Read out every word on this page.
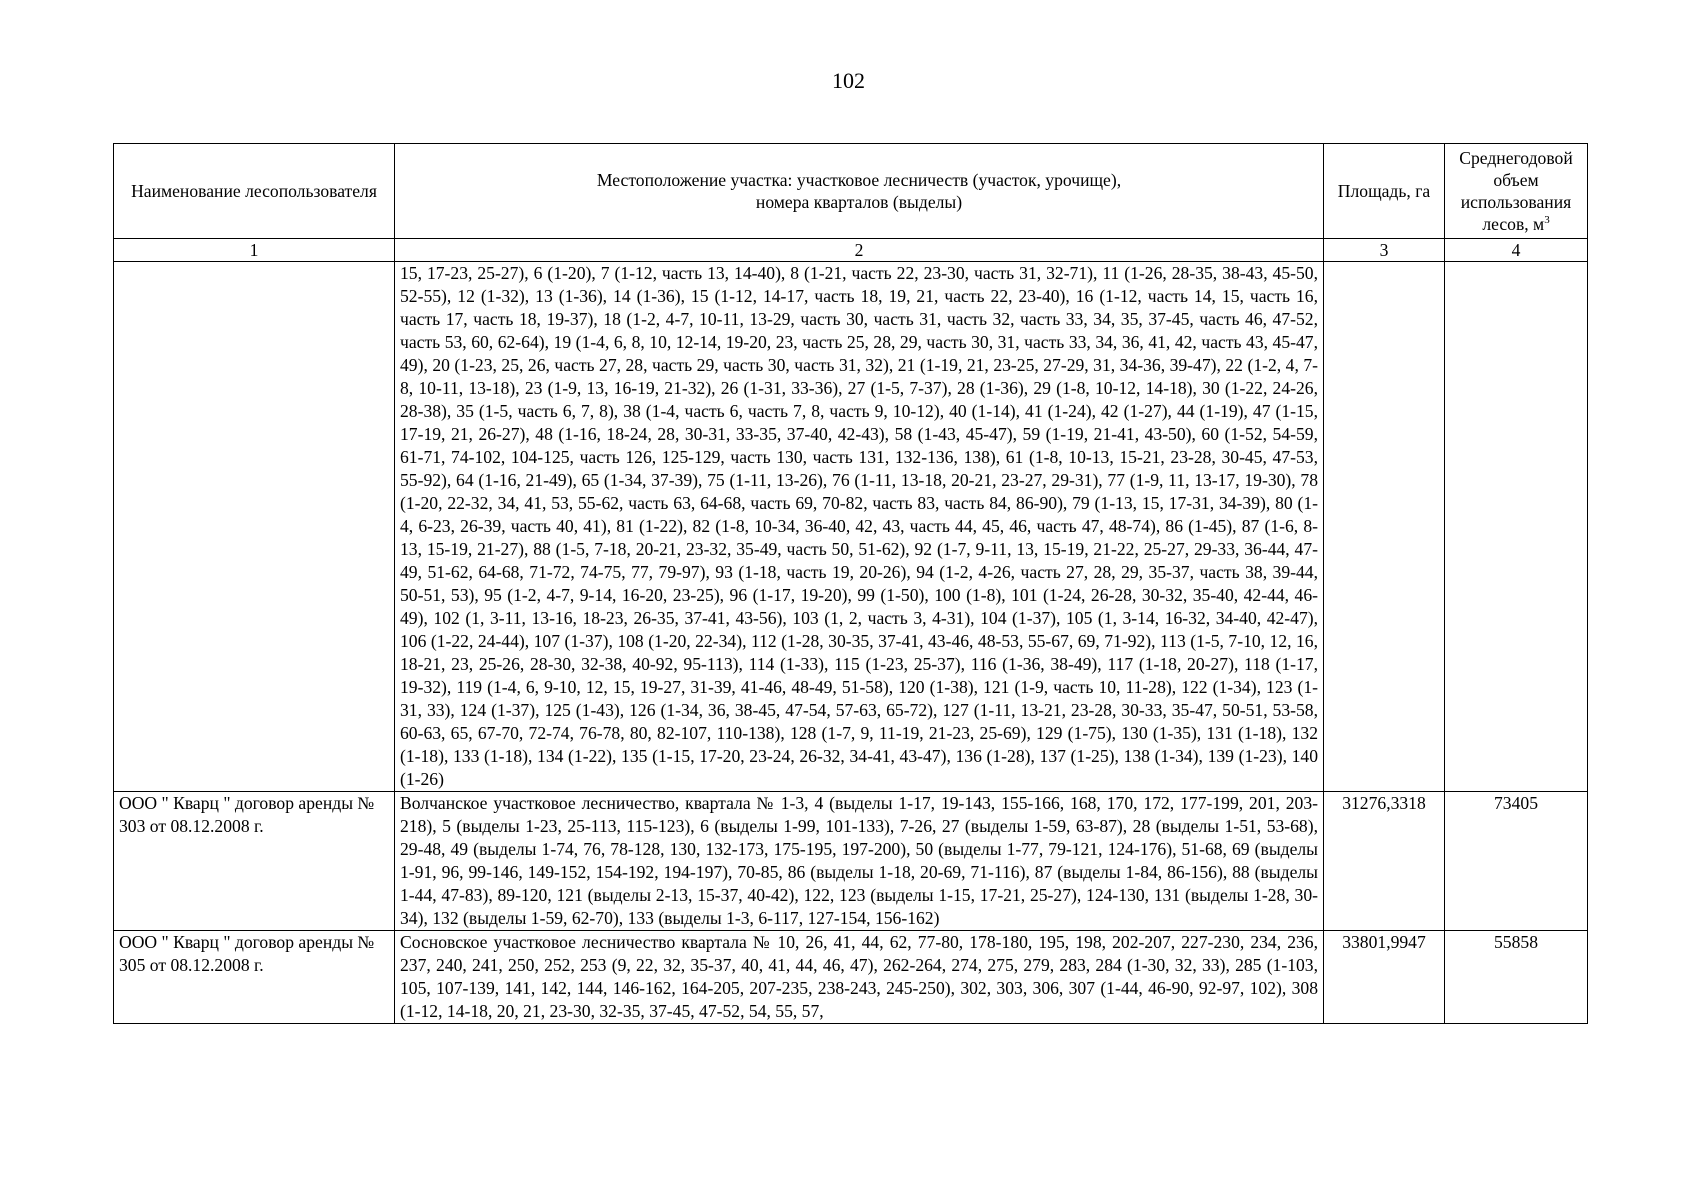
102
Наименование лесопользователя	Местоположение участка: участковое лесничеств (участок, урочище),
номера кварталов (выделы)	Площадь, га	Среднегодовой объем использования лесов, $м^3$
1	2	3	4
	15, 17-23, 25-27), 6 (1-20), 7 (1-12, часть 13, 14-40), 8 (1-21, часть 22, 23-30, часть 31, 32-71), 11 (1-26, 28-35, 38-43, 45-50, 52-55), 12 (1-32), 13 (1-36), 14 (1-36), 15 (1-12, 14-17, часть 18, 19, 21, часть 22, 23-40), 16 (1-12, часть 14, 15, часть 16, часть 17, часть 18, 19-37), 18 (1-2, 4-7, 10-11, 13-29, часть 30, часть 31, часть 32, часть 33, 34, 35, 37-45, часть 46, 47-52, часть 53, 60, 62-64), 19 (1-4, 6, 8, 10, 12-14, 19-20, 23, часть 25, 28, 29, часть 30, 31, часть 33, 34, 36, 41, 42, часть 43, 45-47, 49), 20 (1-23, 25, 26, часть 27, 28, часть 29, часть 30, часть 31, 32), 21 (1-19, 21, 23-25, 27-29, 31, 34-36, 39-47), 22 (1-2, 4, 7-8, 10-11, 13-18), 23 (1-9, 13, 16-19, 21-32), 26 (1-31, 33-36), 27 (1-5, 7-37), 28 (1-36), 29 (1-8, 10-12, 14-18), 30 (1-22, 24-26, 28-38), 35 (1-5, часть 6, 7, 8), 38 (1-4, часть 6, часть 7, 8, часть 9, 10-12), 40 (1-14), 41 (1-24), 42 (1-27), 44 (1-19), 47 (1-15, 17-19, 21, 26-27), 48 (1-16, 18-24, 28, 30-31, 33-35, 37-40, 42-43), 58 (1-43, 45-47), 59 (1-19, 21-41, 43-50), 60 (1-52, 54-59, 61-71, 74-102, 104-125, часть 126, 125-129, часть 130, часть 131, 132-136, 138), 61 (1-8, 10-13, 15-21, 23-28, 30-45, 47-53, 55-92), 64 (1-16, 21-49), 65 (1-34, 37-39), 75 (1-11, 13-26), 76 (1-11, 13-18, 20-21, 23-27, 29-31), 77 (1-9, 11, 13-17, 19-30), 78 (1-20, 22-32, 34, 41, 53, 55-62, часть 63, 64-68, часть 69, 70-82, часть 83, часть 84, 86-90), 79 (1-13, 15, 17-31, 34-39), 80 (1-4, 6-23, 26-39, часть 40, 41), 81 (1-22), 82 (1-8, 10-34, 36-40, 42, 43, часть 44, 45, 46, часть 47, 48-74), 86 (1-45), 87 (1-6, 8-13, 15-19, 21-27), 88 (1-5, 7-18, 20-21, 23-32, 35-49, часть 50, 51-62), 92 (1-7, 9-11, 13, 15-19, 21-22, 25-27, 29-33, 36-44, 47-49, 51-62, 64-68, 71-72, 74-75, 77, 79-97), 93 (1-18, часть 19, 20-26), 94 (1-2, 4-26, часть 27, 28, 29, 35-37, часть 38, 39-44, 50-51, 53), 95 (1-2, 4-7, 9-14, 16-20, 23-25), 96 (1-17, 19-20), 99 (1-50), 100 (1-8), 101 (1-24, 26-28, 30-32, 35-40, 42-44, 46-49), 102 (1, 3-11, 13-16, 18-23, 26-35, 37-41, 43-56), 103 (1, 2, часть 3, 4-31), 104 (1-37), 105 (1, 3-14, 16-32, 34-40, 42-47), 106 (1-22, 24-44), 107 (1-37), 108 (1-20, 22-34), 112 (1-28, 30-35, 37-41, 43-46, 48-53, 55-67, 69, 71-92), 113 (1-5, 7-10, 12, 16, 18-21, 23, 25-26, 28-30, 32-38, 40-92, 95-113), 114 (1-33), 115 (1-23, 25-37), 116 (1-36, 38-49), 117 (1-18, 20-27), 118 (1-17, 19-32), 119 (1-4, 6, 9-10, 12, 15, 19-27, 31-39, 41-46, 48-49, 51-58), 120 (1-38), 121 (1-9, часть 10, 11-28), 122 (1-34), 123 (1-31, 33), 124 (1-37), 125 (1-43), 126 (1-34, 36, 38-45, 47-54, 57-63, 65-72), 127 (1-11, 13-21, 23-28, 30-33, 35-47, 50-51, 53-58, 60-63, 65, 67-70, 72-74, 76-78, 80, 82-107, 110-138), 128 (1-7, 9, 11-19, 21-23, 25-69), 129 (1-75), 130 (1-35), 131 (1-18), 132 (1-18), 133 (1-18), 134 (1-22), 135 (1-15, 17-20, 23-24, 26-32, 34-41, 43-47), 136 (1-28), 137 (1-25), 138 (1-34), 139 (1-23), 140 (1-26)		
ООО " Кварц " договор аренды № 303 от 08.12.2008 г.	Волчанское участковое лесничество, квартала № 1-3, 4 (выделы 1-17, 19-143, 155-166, 168, 170, 172, 177-199, 201, 203-218), 5 (выделы 1-23, 25-113, 115-123), 6 (выделы 1-99, 101-133), 7-26, 27 (выделы 1-59, 63-87), 28 (выделы 1-51, 53-68), 29-48, 49 (выделы 1-74, 76, 78-128, 130, 132-173, 175-195, 197-200), 50 (выделы 1-77, 79-121, 124-176), 51-68, 69 (выделы 1-91, 96, 99-146, 149-152, 154-192, 194-197), 70-85, 86 (выделы 1-18, 20-69, 71-116), 87 (выделы 1-84, 86-156), 88 (выделы 1-44, 47-83), 89-120, 121 (выделы 2-13, 15-37, 40-42), 122, 123 (выделы 1-15, 17-21, 25-27), 124-130, 131 (выделы 1-28, 30-34), 132 (выделы 1-59, 62-70), 133 (выделы 1-3, 6-117, 127-154, 156-162)	31276,3318	73405
ООО " Кварц " договор аренды № 305 от 08.12.2008 г.	Сосновское участковое лесничество квартала № 10, 26, 41, 44, 62, 77-80, 178-180, 195, 198, 202-207, 227-230, 234, 236, 237, 240, 241, 250, 252, 253 (9, 22, 32, 35-37, 40, 41, 44, 46, 47), 262-264, 274, 275, 279, 283, 284 (1-30, 32, 33), 285 (1-103, 105, 107-139, 141, 142, 144, 146-162, 164-205, 207-235, 238-243, 245-250), 302, 303, 306, 307 (1-44, 46-90, 92-97, 102), 308 (1-12, 14-18, 20, 21, 23-30, 32-35, 37-45, 47-52, 54, 55, 57,	33801,9947	55858
